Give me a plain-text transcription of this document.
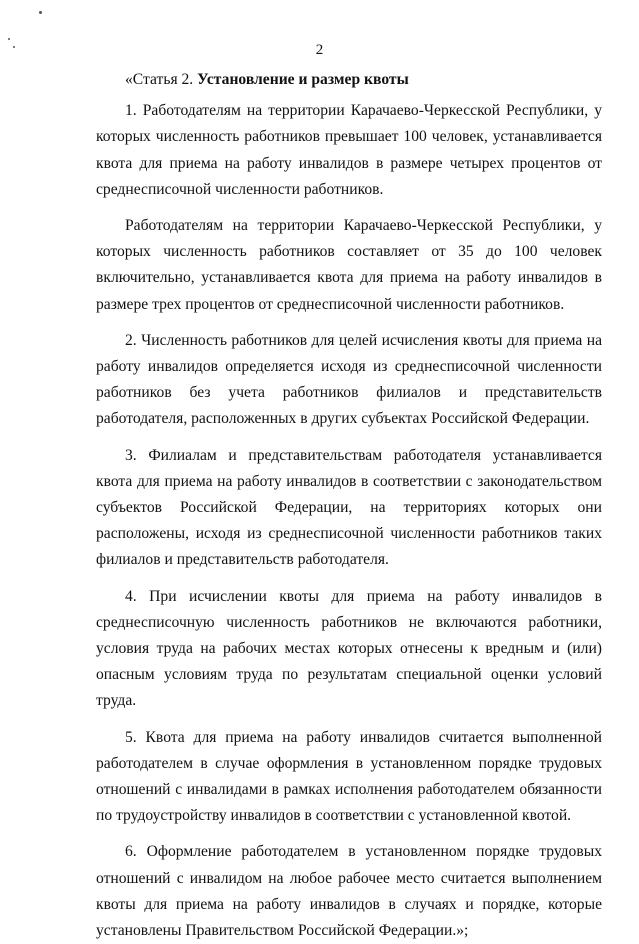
2

«Статья 2. Установление и размер квоты

1. Работодателям на территории Карачаево-Черкесской Республики, у которых численность работников превышает 100 человек, устанавливается квота для приема на работу инвалидов в размере четырех процентов от среднесписочной численности работников.

Работодателям на территории Карачаево-Черкесской Республики, у которых численность работников составляет от 35 до 100 человек включительно, устанавливается квота для приема на работу инвалидов в размере трех процентов от среднесписочной численности работников.

2. Численность работников для целей исчисления квоты для приема на работу инвалидов определяется исходя из среднесписочной численности работников без учета работников филиалов и представительств работодателя, расположенных в других субъектах Российской Федерации.

3. Филиалам и представительствам работодателя устанавливается квота для приема на работу инвалидов в соответствии с законодательством субъектов Российской Федерации, на территориях которых они расположены, исходя из среднесписочной численности работников таких филиалов и представительств работодателя.

4. При исчислении квоты для приема на работу инвалидов в среднесписочную численность работников не включаются работники, условия труда на рабочих местах которых отнесены к вредным и (или) опасным условиям труда по результатам специальной оценки условий труда.

5. Квота для приема на работу инвалидов считается выполненной работодателем в случае оформления в установленном порядке трудовых отношений с инвалидами в рамках исполнения работодателем обязанности по трудоустройству инвалидов в соответствии с установленной квотой.

6. Оформление работодателем в установленном порядке трудовых отношений с инвалидом на любое рабочее место считается выполнением квоты для приема на работу инвалидов в случаях и порядке, которые установлены Правительством Российской Федерации.»;
